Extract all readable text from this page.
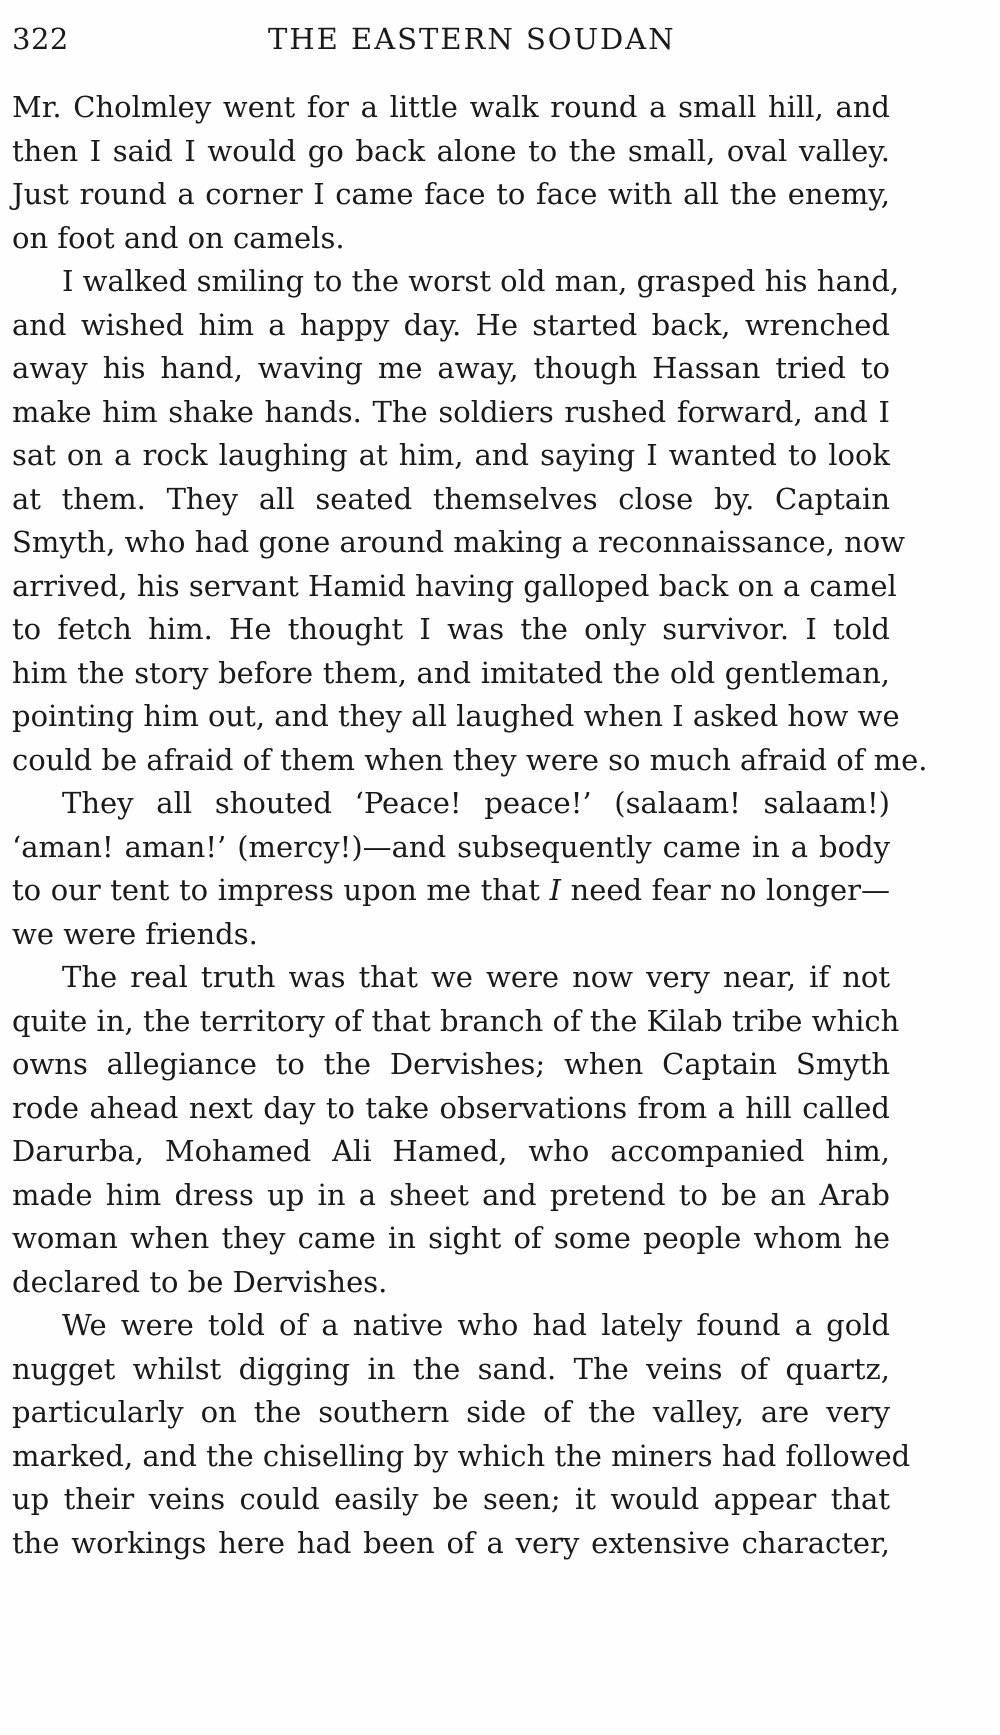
322	THE EASTERN SOUDAN

Mr. Cholmley went for a little walk round a small hill, and
then I said I would go back alone to the small, oval valley.
Just round a corner I came face to face with all the enemy,
on foot and on camels.

I walked smiling to the worst old man, grasped his hand,
and wished him a happy day. He started back, wrenched
away his hand, waving me away, though Hassan tried to
make him shake hands. The soldiers rushed forward, and I
sat on a rock laughing at him, and saying I wanted to look
at them. They all seated themselves close by. Captain
Smyth, who had gone around making a reconnaissance, now
arrived, his servant Hamid having galloped back on a camel
to fetch him. He thought I was the only survivor. I told
him the story before them, and imitated the old gentleman,
pointing him out, and they all laughed when I asked how we
could be afraid of them when they were so much afraid of me.

They all shouted ‘Peace! peace!’ (salaam! salaam!)
‘aman! aman!’ (mercy!)—and subsequently came in a body
to our tent to impress upon me that I need fear no longer—
we were friends.

The real truth was that we were now very near, if not
quite in, the territory of that branch of the Kilab tribe which
owns allegiance to the Dervishes; when Captain Smyth
rode ahead next day to take observations from a hill called
Darurba, Mohamed Ali Hamed, who accompanied him,
made him dress up in a sheet and pretend to be an Arab
woman when they came in sight of some people whom he
declared to be Dervishes.

We were told of a native who had lately found a gold
nugget whilst digging in the sand. The veins of quartz,
particularly on the southern side of the valley, are very
marked, and the chiselling by which the miners had followed
up their veins could easily be seen; it would appear that
the workings here had been of a very extensive character,
